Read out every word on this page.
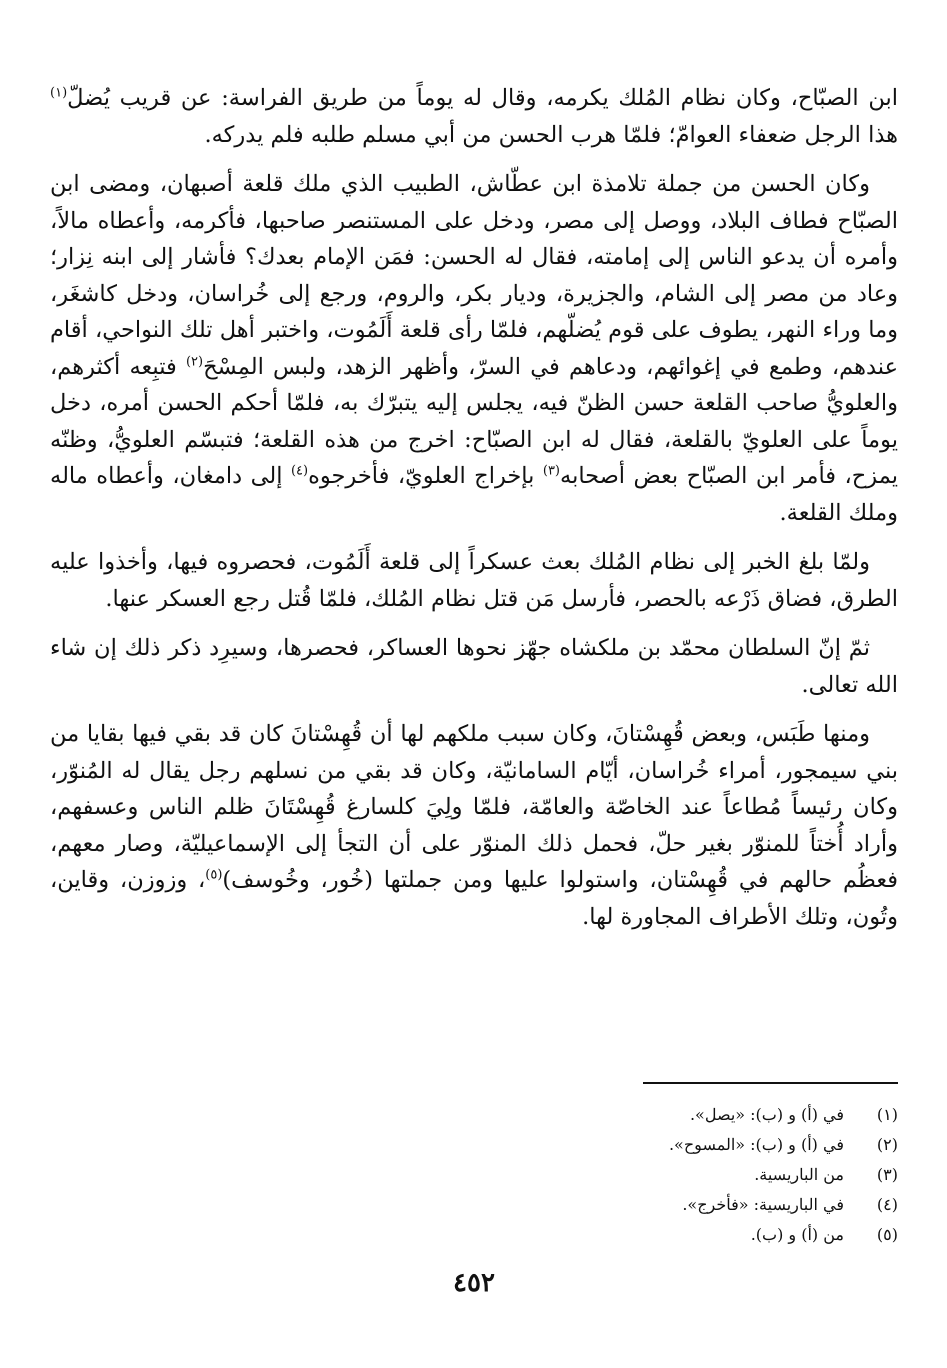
ابن الصبّاح، وكان نظام المُلك يكرمه، وقال له يوماً من طريق الفراسة: عن قريب يُضلّ$^{(١)}$ هذا الرجل ضعفاء العوامّ؛ فلمّا هرب الحسن من أبي مسلم طلبه فلم يدركه.

وكان الحسن من جملة تلامذة ابن عطّاش، الطبيب الذي ملك قلعة أصبهان، ومضى ابن الصبّاح فطاف البلاد، ووصل إلى مصر، ودخل على المستنصر صاحبها، فأكرمه، وأعطاه مالاً، وأمره أن يدعو الناس إلى إمامته، فقال له الحسن: فمَن الإمام بعدك؟ فأشار إلى ابنه نِزار؛ وعاد من مصر إلى الشام، والجزيرة، وديار بكر، والروم، ورجع إلى خُراسان، ودخل كاشغَر، وما وراء النهر، يطوف على قوم يُضلّهم، فلمّا رأى قلعة أَلَمُوت، واختبر أهل تلك النواحي، أقام عندهم، وطمع في إغوائهم، ودعاهم في السرّ، وأظهر الزهد، ولبس المِسْحَ$^{(٢)}$ فتبِعه أكثرهم، والعلويُّ صاحب القلعة حسن الظنّ فيه، يجلس إليه يتبرّك به، فلمّا أحكم الحسن أمره، دخل يوماً على العلويّ بالقلعة، فقال له ابن الصبّاح: اخرج من هذه القلعة؛ فتبسّم العلويُّ، وظنّه يمزح، فأمر ابن الصبّاح بعض أصحابه$^{(٣)}$ بإخراج العلويّ، فأخرجوه$^{(٤)}$ إلى دامغان، وأعطاه ماله وملك القلعة.

ولمّا بلغ الخبر إلى نظام المُلك بعث عسكراً إلى قلعة أَلَمُوت، فحصروه فيها، وأخذوا عليه الطرق، فضاق ذَرْعه بالحصر، فأرسل مَن قتل نظام المُلك، فلمّا قُتل رجع العسكر عنها.

ثمّ إنّ السلطان محمّد بن ملكشاه جهّز نحوها العساكر، فحصرها، وسيرِد ذكر ذلك إن شاء الله تعالى.

ومنها طَبَس، وبعض قُهِسْتانَ، وكان سبب ملكهم لها أن قُهِسْتانَ كان قد بقي فيها بقايا من بني سيمجور، أمراء خُراسان، أيّام السامانيّة، وكان قد بقي من نسلهم رجل يقال له المُنوّر، وكان رئيساً مُطاعاً عند الخاصّة والعامّة، فلمّا ولِيَ كلسارغ قُهِسْتَانَ ظلم الناس وعسفهم، وأراد أُختاً للمنوّر بغير حلّ، فحمل ذلك المنوّر على أن التجأ إلى الإسماعيليّة، وصار معهم، فعظُم حالهم في قُهِسْتان، واستولوا عليها ومن جملتها (خُور، وخُوسف)$^{(٥)}$، وزوزن، وقاين، وتُون، وتلك الأطراف المجاورة لها.

(١)
في (أ) و (ب): «يصل».
(٢)
في (أ) و (ب): «المسوح».
(٣)
من الباريسية.
(٤)
في الباريسية: «فأخرج».
(٥)
من (أ) و (ب).
٤٥٢
